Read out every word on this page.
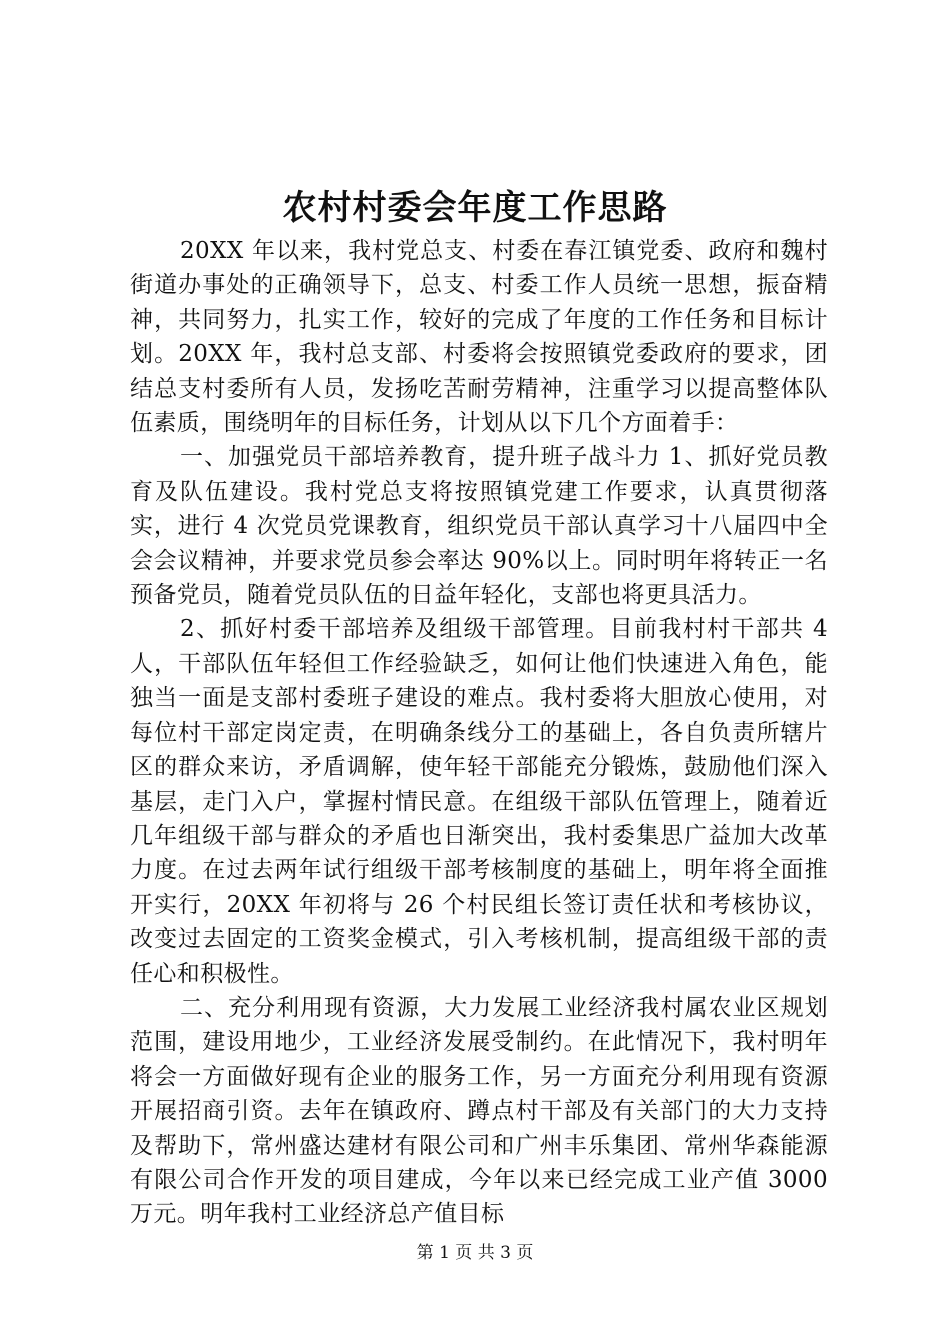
农村村委会年度工作思路

20XX 年以来，我村党总支、村委在春江镇党委、政府和魏村街道办事处的正确领导下，总支、村委工作人员统一思想，振奋精神，共同努力，扎实工作，较好的完成了年度的工作任务和目标计划。20XX 年，我村总支部、村委将会按照镇党委政府的要求，团结总支村委所有人员，发扬吃苦耐劳精神，注重学习以提高整体队伍素质，围绕明年的目标任务，计划从以下几个方面着手：

一、加强党员干部培养教育，提升班子战斗力 1、抓好党员教育及队伍建设。我村党总支将按照镇党建工作要求，认真贯彻落实，进行 4 次党员党课教育，组织党员干部认真学习十八届四中全会会议精神，并要求党员参会率达 90%以上。同时明年将转正一名预备党员，随着党员队伍的日益年轻化，支部也将更具活力。

2、抓好村委干部培养及组级干部管理。目前我村村干部共 4 人，干部队伍年轻但工作经验缺乏，如何让他们快速进入角色，能独当一面是支部村委班子建设的难点。我村委将大胆放心使用，对每位村干部定岗定责，在明确条线分工的基础上，各自负责所辖片区的群众来访，矛盾调解，使年轻干部能充分锻炼，鼓励他们深入基层，走门入户，掌握村情民意。在组级干部队伍管理上，随着近几年组级干部与群众的矛盾也日渐突出，我村委集思广益加大改革力度。在过去两年试行组级干部考核制度的基础上，明年将全面推开实行，20XX 年初将与 26 个村民组长签订责任状和考核协议，改变过去固定的工资奖金模式，引入考核机制，提高组级干部的责任心和积极性。

二、充分利用现有资源，大力发展工业经济我村属农业区规划范围，建设用地少，工业经济发展受制约。在此情况下，我村明年将会一方面做好现有企业的服务工作，另一方面充分利用现有资源开展招商引资。去年在镇政府、蹲点村干部及有关部门的大力支持及帮助下，常州盛达建材有限公司和广州丰乐集团、常州华森能源有限公司合作开发的项目建成，今年以来已经完成工业产值 3000 万元。明年我村工业经济总产值目标

第 1 页 共 3 页
